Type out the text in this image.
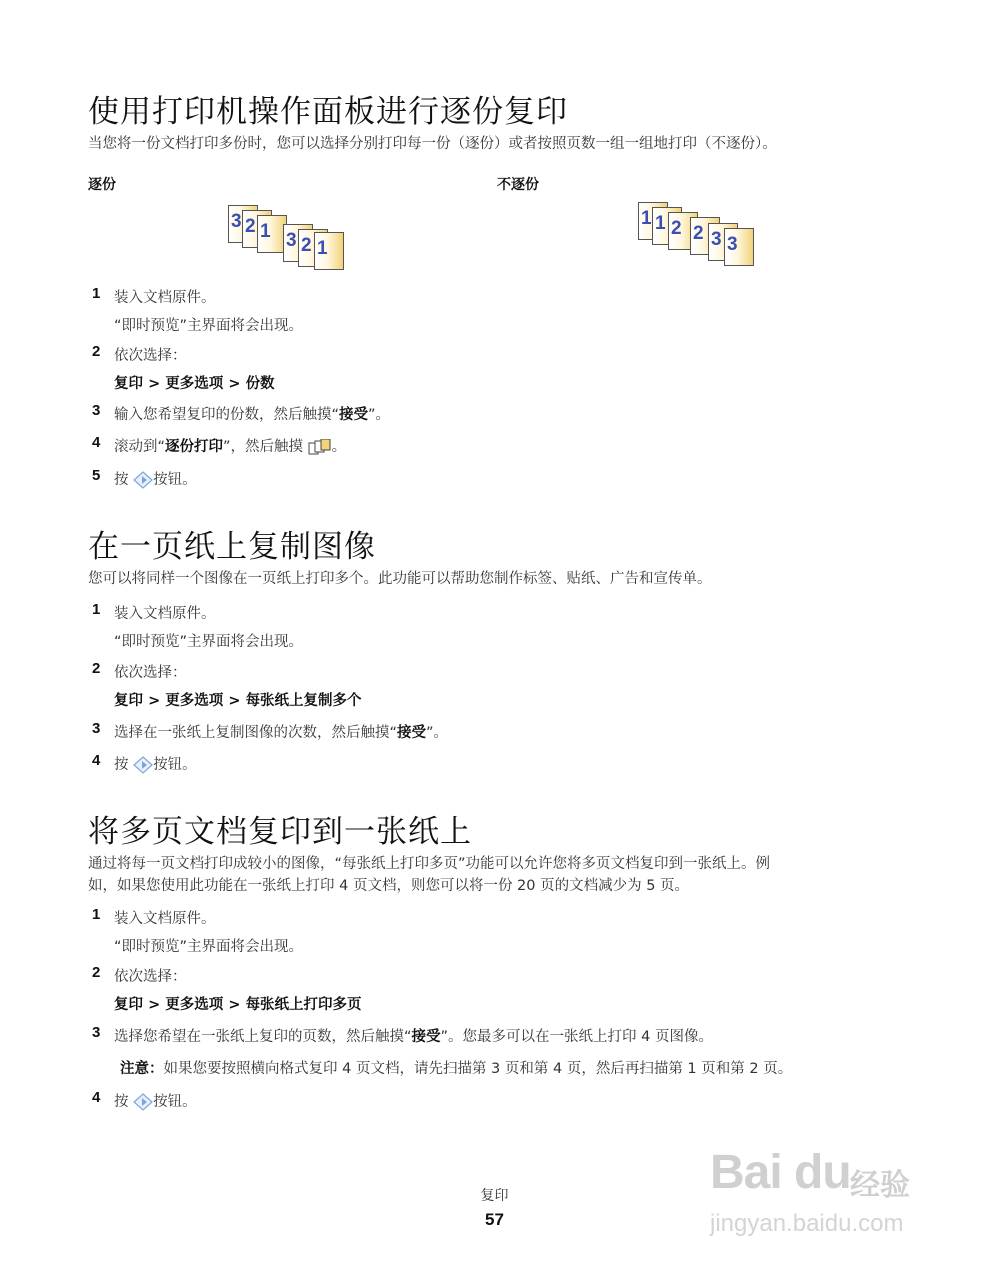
使用打印机操作面板进行逐份复印

当您将一份文档打印多份时，您可以选择分别打印每一份（逐份）或者按照页数一组一组地打印（不逐份）。

逐份	不逐份
3 2 1 3 2 1
1 1 2 2 3 3
1 装入文档原件。
“即时预览”主界面将会出现。
2 依次选择：
复印 > 更多选项 > 份数
3 输入您希望复印的份数，然后触摸“接受”。
4 滚动到“逐份打印”，然后触摸 。
5 按 按钮。
在一页纸上复制图像

您可以将同样一个图像在一页纸上打印多个。此功能可以帮助您制作标签、贴纸、广告和宣传单。

1 装入文档原件。
“即时预览”主界面将会出现。
2 依次选择：
复印 > 更多选项 > 每张纸上复制多个
3 选择在一张纸上复制图像的次数，然后触摸“接受”。
4 按 按钮。
将多页文档复印到一张纸上

通过将每一页文档打印成较小的图像，“每张纸上打印多页”功能可以允许您将多页文档复印到一张纸上。例
如，如果您使用此功能在一张纸上打印 4 页文档，则您可以将一份 20 页的文档减少为 5 页。

1 装入文档原件。
“即时预览”主界面将会出现。
2 依次选择：
复印 > 更多选项 > 每张纸上打印多页
3 选择您希望在一张纸上复印的页数，然后触摸“接受”。您最多可以在一张纸上打印 4 页图像。
注意：如果您要按照横向格式复印 4 页文档，请先扫描第 3 页和第 4 页，然后再扫描第 1 页和第 2 页。
4 按 按钮。
复印
57
Bai du 经验
jingyan.baidu.com
